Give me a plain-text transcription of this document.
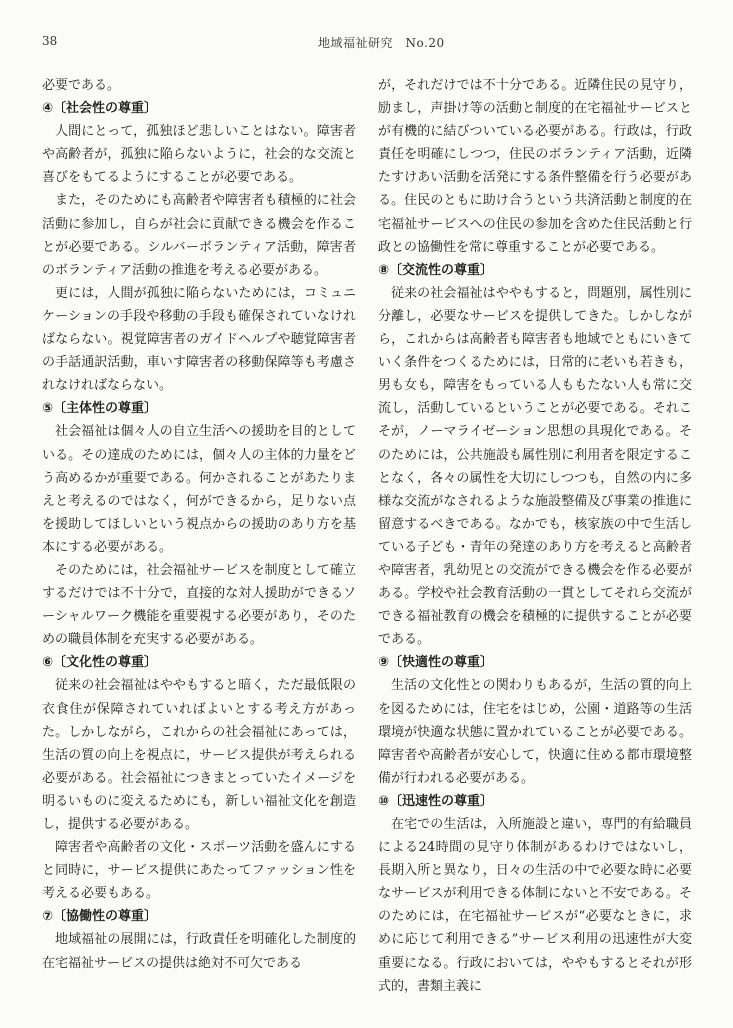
38	地域福祉研究　No.20

必要である。

④〔社会性の尊重〕

人間にとって，孤独ほど悲しいことはない。障害者や高齢者が，孤独に陥らないように，社会的な交流と喜びをもてるようにすることが必要である。

また，そのためにも高齢者や障害者も積極的に社会活動に参加し，自らが社会に貢献できる機会を作ることが必要である。シルバーボランティア活動，障害者のボランティア活動の推進を考える必要がある。

更には，人間が孤独に陥らないためには，コミュニケーションの手段や移動の手段も確保されていなければならない。視覚障害者のガイドヘルプや聴覚障害者の手話通訳活動，車いす障害者の移動保障等も考慮されなければならない。

⑤〔主体性の尊重〕

社会福祉は個々人の自立生活への援助を目的としている。その達成のためには，個々人の主体的力量をどう高めるかが重要である。何かされることがあたりまえと考えるのではなく，何ができるから，足りない点を援助してほしいという視点からの援助のあり方を基本にする必要がある。

そのためには，社会福祉サービスを制度として確立するだけでは不十分で，直接的な対人援助ができるソーシャルワーク機能を重要視する必要があり，そのための職員体制を充実する必要がある。

⑥〔文化性の尊重〕

従来の社会福祉はややもすると暗く，ただ最低限の衣食住が保障されていればよいとする考え方があった。しかしながら，これからの社会福祉にあっては，生活の質の向上を視点に，サービス提供が考えられる必要がある。社会福祉につきまとっていたイメージを明るいものに変えるためにも，新しい福祉文化を創造し，提供する必要がある。

障害者や高齢者の文化・スポーツ活動を盛んにすると同時に，サービス提供にあたってファッション性を考える必要もある。

⑦〔協働性の尊重〕

地域福祉の展開には，行政責任を明確化した制度的在宅福祉サービスの提供は絶対不可欠である

が，それだけでは不十分である。近隣住民の見守り，励まし，声掛け等の活動と制度的在宅福祉サービスとが有機的に結びついている必要がある。行政は，行政責任を明確にしつつ，住民のボランティア活動，近隣たすけあい活動を活発にする条件整備を行う必要がある。住民のともに助け合うという共済活動と制度的在宅福祉サービスへの住民の参加を含めた住民活動と行政との協働性を常に尊重することが必要である。

⑧〔交流性の尊重〕

従来の社会福祉はややもすると，問題別，属性別に分離し，必要なサービスを提供してきた。しかしながら，これからは高齢者も障害者も地域でともにいきていく条件をつくるためには，日常的に老いも若きも，男も女も，障害をもっている人ももたない人も常に交流し，活動しているということが必要である。それこそが，ノーマライゼーション思想の具現化である。そのためには，公共施設も属性別に利用者を限定することなく，各々の属性を大切にしつつも，自然の内に多様な交流がなされるような施設整備及び事業の推進に留意するべきである。なかでも，核家族の中で生活している子ども・青年の発達のあり方を考えると高齢者や障害者，乳幼児との交流ができる機会を作る必要がある。学校や社会教育活動の一貫としてそれら交流ができる福祉教育の機会を積極的に提供することが必要である。

⑨〔快適性の尊重〕

生活の文化性との関わりもあるが，生活の質的向上を図るためには，住宅をはじめ，公園・道路等の生活環境が快適な状態に置かれていることが必要である。障害者や高齢者が安心して，快適に住める都市環境整備が行われる必要がある。

⑩〔迅速性の尊重〕

在宅での生活は，入所施設と違い，専門的有給職員による24時間の見守り体制があるわけではないし，長期入所と異なり，日々の生活の中で必要な時に必要なサービスが利用できる体制にないと不安である。そのためには，在宅福祉サービスが“必要なときに，求めに応じて利用できる”サービス利用の迅速性が大変重要になる。行政においては，ややもするとそれが形式的，書類主義に
